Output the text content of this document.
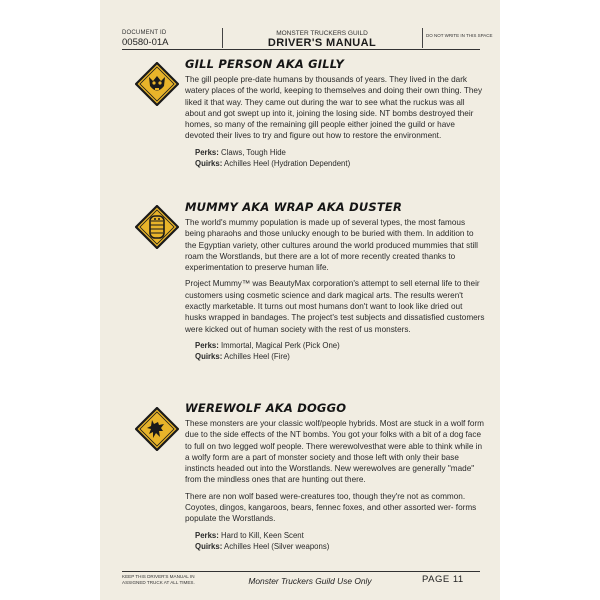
DOCUMENT ID
00580-01A
MONSTER TRUCKERS GUILD
DRIVER'S MANUAL
DO NOT WRITE IN THIS SPACE
GILL PERSON AKA GILLY

The gill people pre-date humans by thousands of years. They lived in the dark watery places of the world, keeping to themselves and doing their own thing. They liked it that way. They came out during the war to see what the ruckus was all about and got swept up into it, joining the losing side. NT bombs destroyed their homes, so many of the remaining gill people either joined the guild or have devoted their lives to try and figure out how to restore the environment.

Perks: Claws, Tough Hide
Quirks: Achilles Heel (Hydration Dependent)
MUMMY AKA WRAP AKA DUSTER

The world's mummy population is made up of several types, the most famous being pharaohs and those unlucky enough to be buried with them. In addition to the Egyptian variety, other cultures around the world produced mummies that still roam the Worstlands, but there are a lot of more recently created thanks to experimentation to preserve human life.

Project Mummy™ was BeautyMax corporation's attempt to sell eternal life to their customers using cosmetic science and dark magical arts. The results weren't exactly marketable. It turns out most humans don't want to look like dried out husks wrapped in bandages. The project's test subjects and dissatisfied customers were kicked out of human society with the rest of us monsters.

Perks: Immortal, Magical Perk (Pick One)
Quirks: Achilles Heel (Fire)
WEREWOLF AKA DOGGO

These monsters are your classic wolf/people hybrids. Most are stuck in a wolf form due to the side effects of the NT bombs. You got your folks with a bit of a dog face to full on two legged wolf people. There werewolvesthat were able to think while in a wolfy form are a part of monster society and those left with only their base instincts headed out into the Worstlands. New werewolves are generally "made" from the mindless ones that are hunting out there.

There are non wolf based were-creatures too, though they're not as common. Coyotes, dingos, kangaroos, bears, fennec foxes, and other assorted wer- forms populate the Worstlands.

Perks: Hard to Kill, Keen Scent
Quirks: Achilles Heel (Silver weapons)
KEEP THIS DRIVER'S MANUAL IN ASSIGNED TRUCK AT ALL TIMES.	Monster Truckers Guild Use Only	PAGE 11
